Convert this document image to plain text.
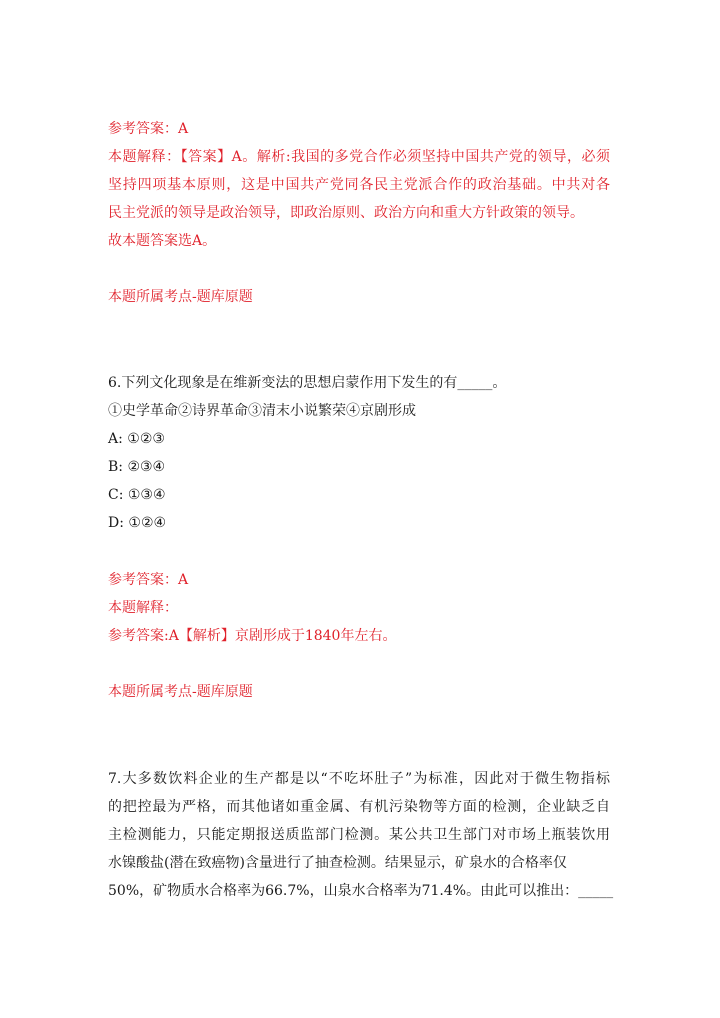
参考答案：A
本题解释：【答案】A。解析:我国的多党合作必须坚持中国共产党的领导，必须
坚持四项基本原则，这是中国共产党同各民主党派合作的政治基础。中共对各
民主党派的领导是政治领导，即政治原则、政治方向和重大方针政策的领导。
故本题答案选A。
本题所属考点-题库原题
6.下列文化现象是在维新变法的思想启蒙作用下发生的有_____。
①史学革命②诗界革命③清末小说繁荣④京剧形成
A: ①②③
B: ②③④
C: ①③④
D: ①②④
参考答案：A
本题解释：
参考答案:A【解析】京剧形成于1840年左右。
本题所属考点-题库原题
7.大多数饮料企业的生产都是以“不吃坏肚子”为标准，因此对于微生物指标
的把控最为严格，而其他诸如重金属、有机污染物等方面的检测，企业缺乏自
主检测能力，只能定期报送质监部门检测。某公共卫生部门对市场上瓶装饮用
水镍酸盐(潜在致癌物)含量进行了抽查检测。结果显示，矿泉水的合格率仅
50%，矿物质水合格率为66.7%，山泉水合格率为71.4%。由此可以推出：_____
